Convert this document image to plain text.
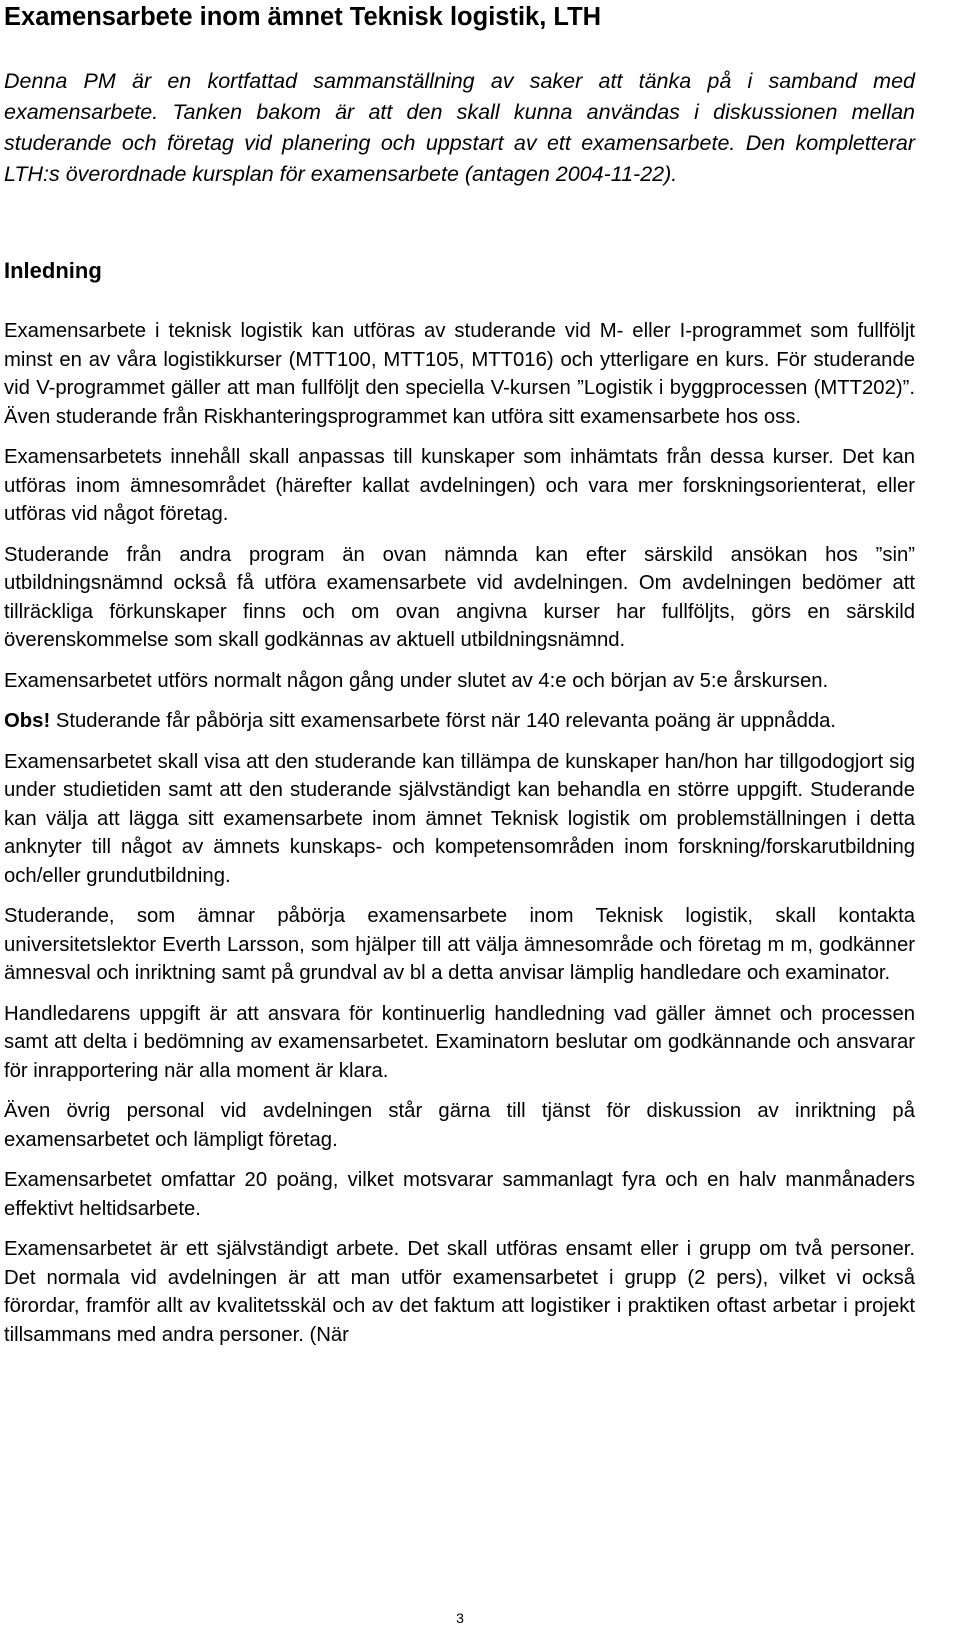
Examensarbete inom ämnet Teknisk logistik, LTH

Denna PM är en kortfattad sammanställning av saker att tänka på i samband med examensarbete. Tanken bakom är att den skall kunna användas i diskussionen mellan studerande och företag vid planering och uppstart av ett examensarbete. Den kompletterar LTH:s överordnade kursplan för examensarbete (antagen 2004-11-22).

Inledning

Examensarbete i teknisk logistik kan utföras av studerande vid M- eller I-programmet som fullföljt minst en av våra logistikkurser (MTT100, MTT105, MTT016) och ytterligare en kurs. För studerande vid V-programmet gäller att man fullföljt den speciella V-kursen ”Logistik i byggprocessen (MTT202)”. Även studerande från Riskhanteringsprogrammet kan utföra sitt examensarbete hos oss.

Examensarbetets innehåll skall anpassas till kunskaper som inhämtats från dessa kurser. Det kan utföras inom ämnesområdet (härefter kallat avdelningen) och vara mer forskningsorienterat, eller utföras vid något företag.

Studerande från andra program än ovan nämnda kan efter särskild ansökan hos ”sin” utbildningsnämnd också få utföra examensarbete vid avdelningen. Om avdelningen bedömer att tillräckliga förkunskaper finns och om ovan angivna kurser har fullföljts, görs en särskild överenskommelse som skall godkännas av aktuell utbildningsnämnd.

Examensarbetet utförs normalt någon gång under slutet av 4:e och början av 5:e årskursen.

Obs! Studerande får påbörja sitt examensarbete först när 140 relevanta poäng är uppnådda.

Examensarbetet skall visa att den studerande kan tillämpa de kunskaper han/hon har tillgodogjort sig under studietiden samt att den studerande självständigt kan behandla en större uppgift. Studerande kan välja att lägga sitt examensarbete inom ämnet Teknisk logistik om problemställningen i detta anknyter till något av ämnets kunskaps- och kompetensområden inom forskning/forskarutbildning och/eller grundutbildning.

Studerande, som ämnar påbörja examensarbete inom Teknisk logistik, skall kontakta universitetslektor Everth Larsson, som hjälper till att välja ämnesområde och företag m m, godkänner ämnesval och inriktning samt på grundval av bl a detta anvisar lämplig handledare och examinator.

Handledarens uppgift är att ansvara för kontinuerlig handledning vad gäller ämnet och processen samt att delta i bedömning av examensarbetet. Examinatorn beslutar om godkännande och ansvarar för inrapportering när alla moment är klara.

Även övrig personal vid avdelningen står gärna till tjänst för diskussion av inriktning på examensarbetet och lämpligt företag.

Examensarbetet omfattar 20 poäng, vilket motsvarar sammanlagt fyra och en halv manmånaders effektivt heltidsarbete.

Examensarbetet är ett självständigt arbete. Det skall utföras ensamt eller i grupp om två personer. Det normala vid avdelningen är att man utför examensarbetet i grupp (2 pers), vilket vi också förordar, framför allt av kvalitetsskäl och av det faktum att logistiker i praktiken oftast arbetar i projekt tillsammans med andra personer. (När

3
